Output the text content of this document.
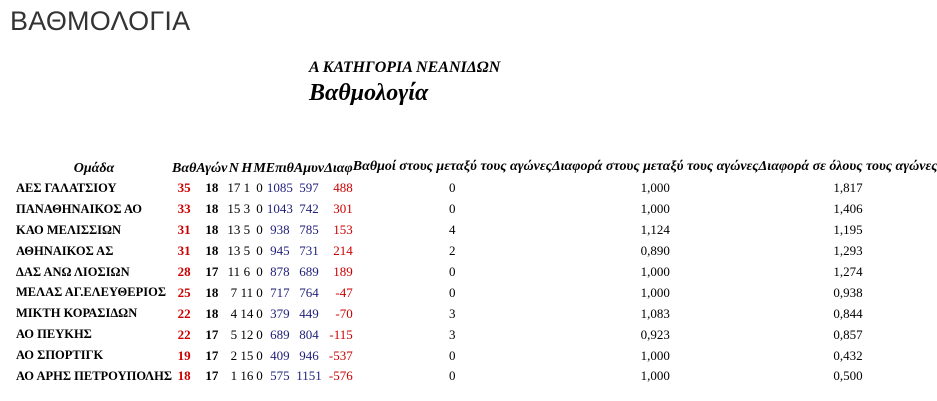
ΒΑΘΜΟΛΟΓΙΑ
Α ΚΑΤΗΓΟΡΙΑ ΝΕΑΝΙΔΩΝ
Βαθμολογία
Ομάδα	Βαθ	Αγών	Ν	Η	Μ	Επιθ	Αμυν	Διαφ	Βαθμοί στους μεταξύ τους αγώνες	Διαφορά στους μεταξύ τους αγώνες	Διαφορά σε όλους τους αγώνες
ΑΕΣ ΓΑΛΑΤΣΙΟΥ	35	18	17	1	0	1085	597	488	0	1,000	1,817
ΠΑΝΑΘΗΝΑΙΚΟΣ ΑΟ	33	18	15	3	0	1043	742	301	0	1,000	1,406
ΚΑΟ ΜΕΛΙΣΣΙΩΝ	31	18	13	5	0	938	785	153	4	1,124	1,195
ΑΘΗΝΑΙΚΟΣ ΑΣ	31	18	13	5	0	945	731	214	2	0,890	1,293
ΔΑΣ ΑΝΩ ΛΙΟΣΙΩΝ	28	17	11	6	0	878	689	189	0	1,000	1,274
ΜΕΛΑΣ ΑΓ.ΕΛΕΥΘΕΡΙΟΣ	25	18	7	11	0	717	764	-47	0	1,000	0,938
ΜΙΚΤΗ ΚΟΡΑΣΙΔΩΝ	22	18	4	14	0	379	449	-70	3	1,083	0,844
ΑΟ ΠΕΥΚΗΣ	22	17	5	12	0	689	804	-115	3	0,923	0,857
ΑΟ ΣΠΟΡΤΙΓΚ	19	17	2	15	0	409	946	-537	0	1,000	0,432
ΑΟ ΑΡΗΣ ΠΕΤΡΟΥΠΟΛΗΣ	18	17	1	16	0	575	1151	-576	0	1,000	0,500
